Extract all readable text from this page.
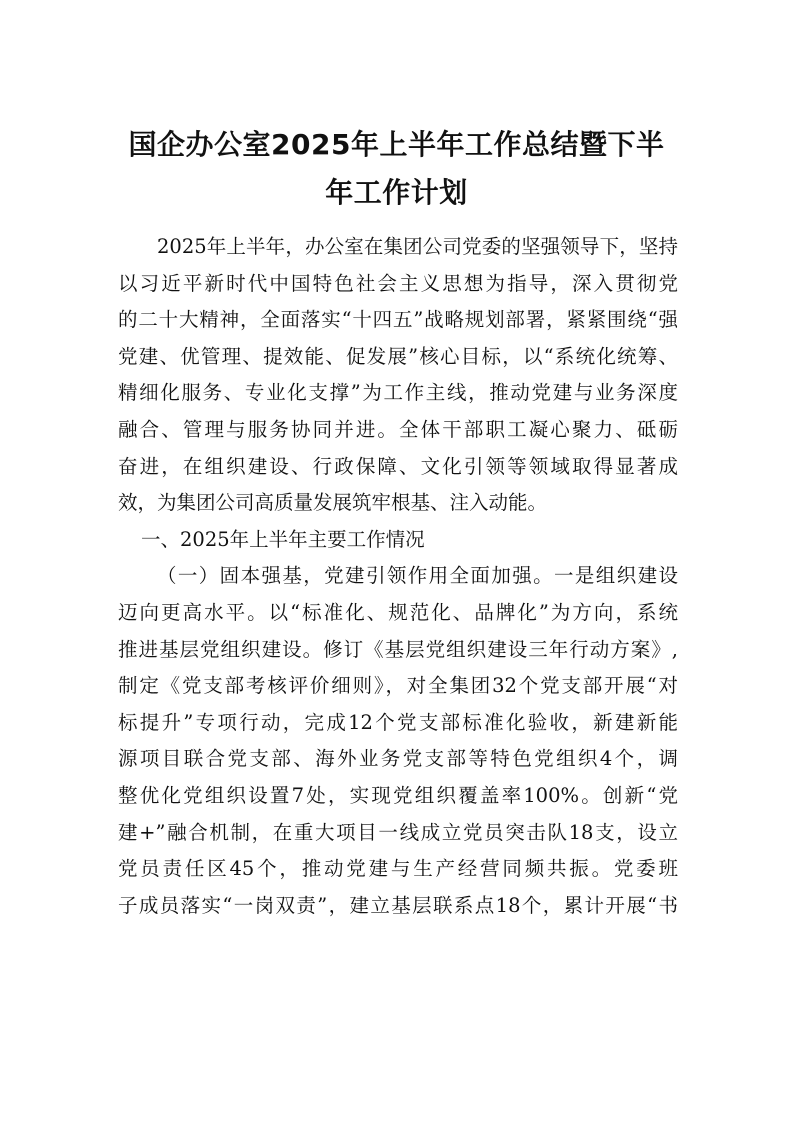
国企办公室2025年上半年工作总结暨下半
年工作计划
2025年上半年，办公室在集团公司党委的坚强领导下，坚持
以习近平新时代中国特色社会主义思想为指导，深入贯彻党
的二十大精神，全面落实“十四五”战略规划部署，紧紧围绕“强
党建、优管理、提效能、促发展”核心目标，以“系统化统筹、
精细化服务、专业化支撑”为工作主线，推动党建与业务深度
融合、管理与服务协同并进。全体干部职工凝心聚力、砥砺
奋进，在组织建设、行政保障、文化引领等领域取得显著成
效，为集团公司高质量发展筑牢根基、注入动能。
一、2025年上半年主要工作情况
（一）固本强基，党建引领作用全面加强。一是组织建设
迈向更高水平。以“标准化、规范化、品牌化”为方向，系统
推进基层党组织建设。修订《基层党组织建设三年行动方案》,
制定《党支部考核评价细则》，对全集团32个党支部开展“对
标提升”专项行动，完成12个党支部标准化验收，新建新能
源项目联合党支部、海外业务党支部等特色党组织4个，调
整优化党组织设置7处，实现党组织覆盖率100%。创新“党
建+”融合机制，在重大项目一线成立党员突击队18支，设立
党员责任区45个，推动党建与生产经营同频共振。党委班
子成员落实“一岗双责”，建立基层联系点18个，累计开展“书
